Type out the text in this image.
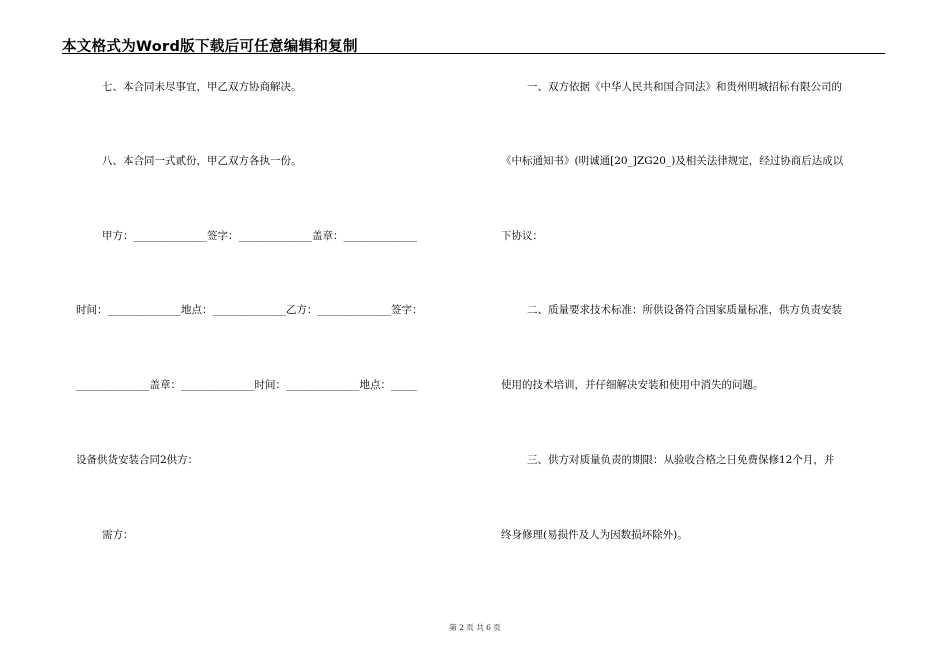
本文格式为Word版下载后可任意编辑和复制
七、本合同未尽事宜，甲乙双方协商解决。
八、本合同一式贰份，甲乙双方各执一份。
甲方：______________签字：______________盖章：______________
时间：______________地点：______________乙方：______________签字：
______________盖章：______________时间：______________地点：_____
设备供货安装合同2供方：
需方：
一、双方依据《中华人民共和国合同法》和贵州明城招标有限公司的
《中标通知书》(明诚通[20_]ZG20_)及相关法律规定，经过协商后达成以
下协议：
二、质量要求技术标准：所供设备符合国家质量标准，供方负责安装
使用的技术培训，并仔细解决安装和使用中消失的问题。
三、供方对质量负责的期限：从验收合格之日免费保修12个月，并
终身修理(易损件及人为因数损坏除外)。
第 2 页 共 6 页
